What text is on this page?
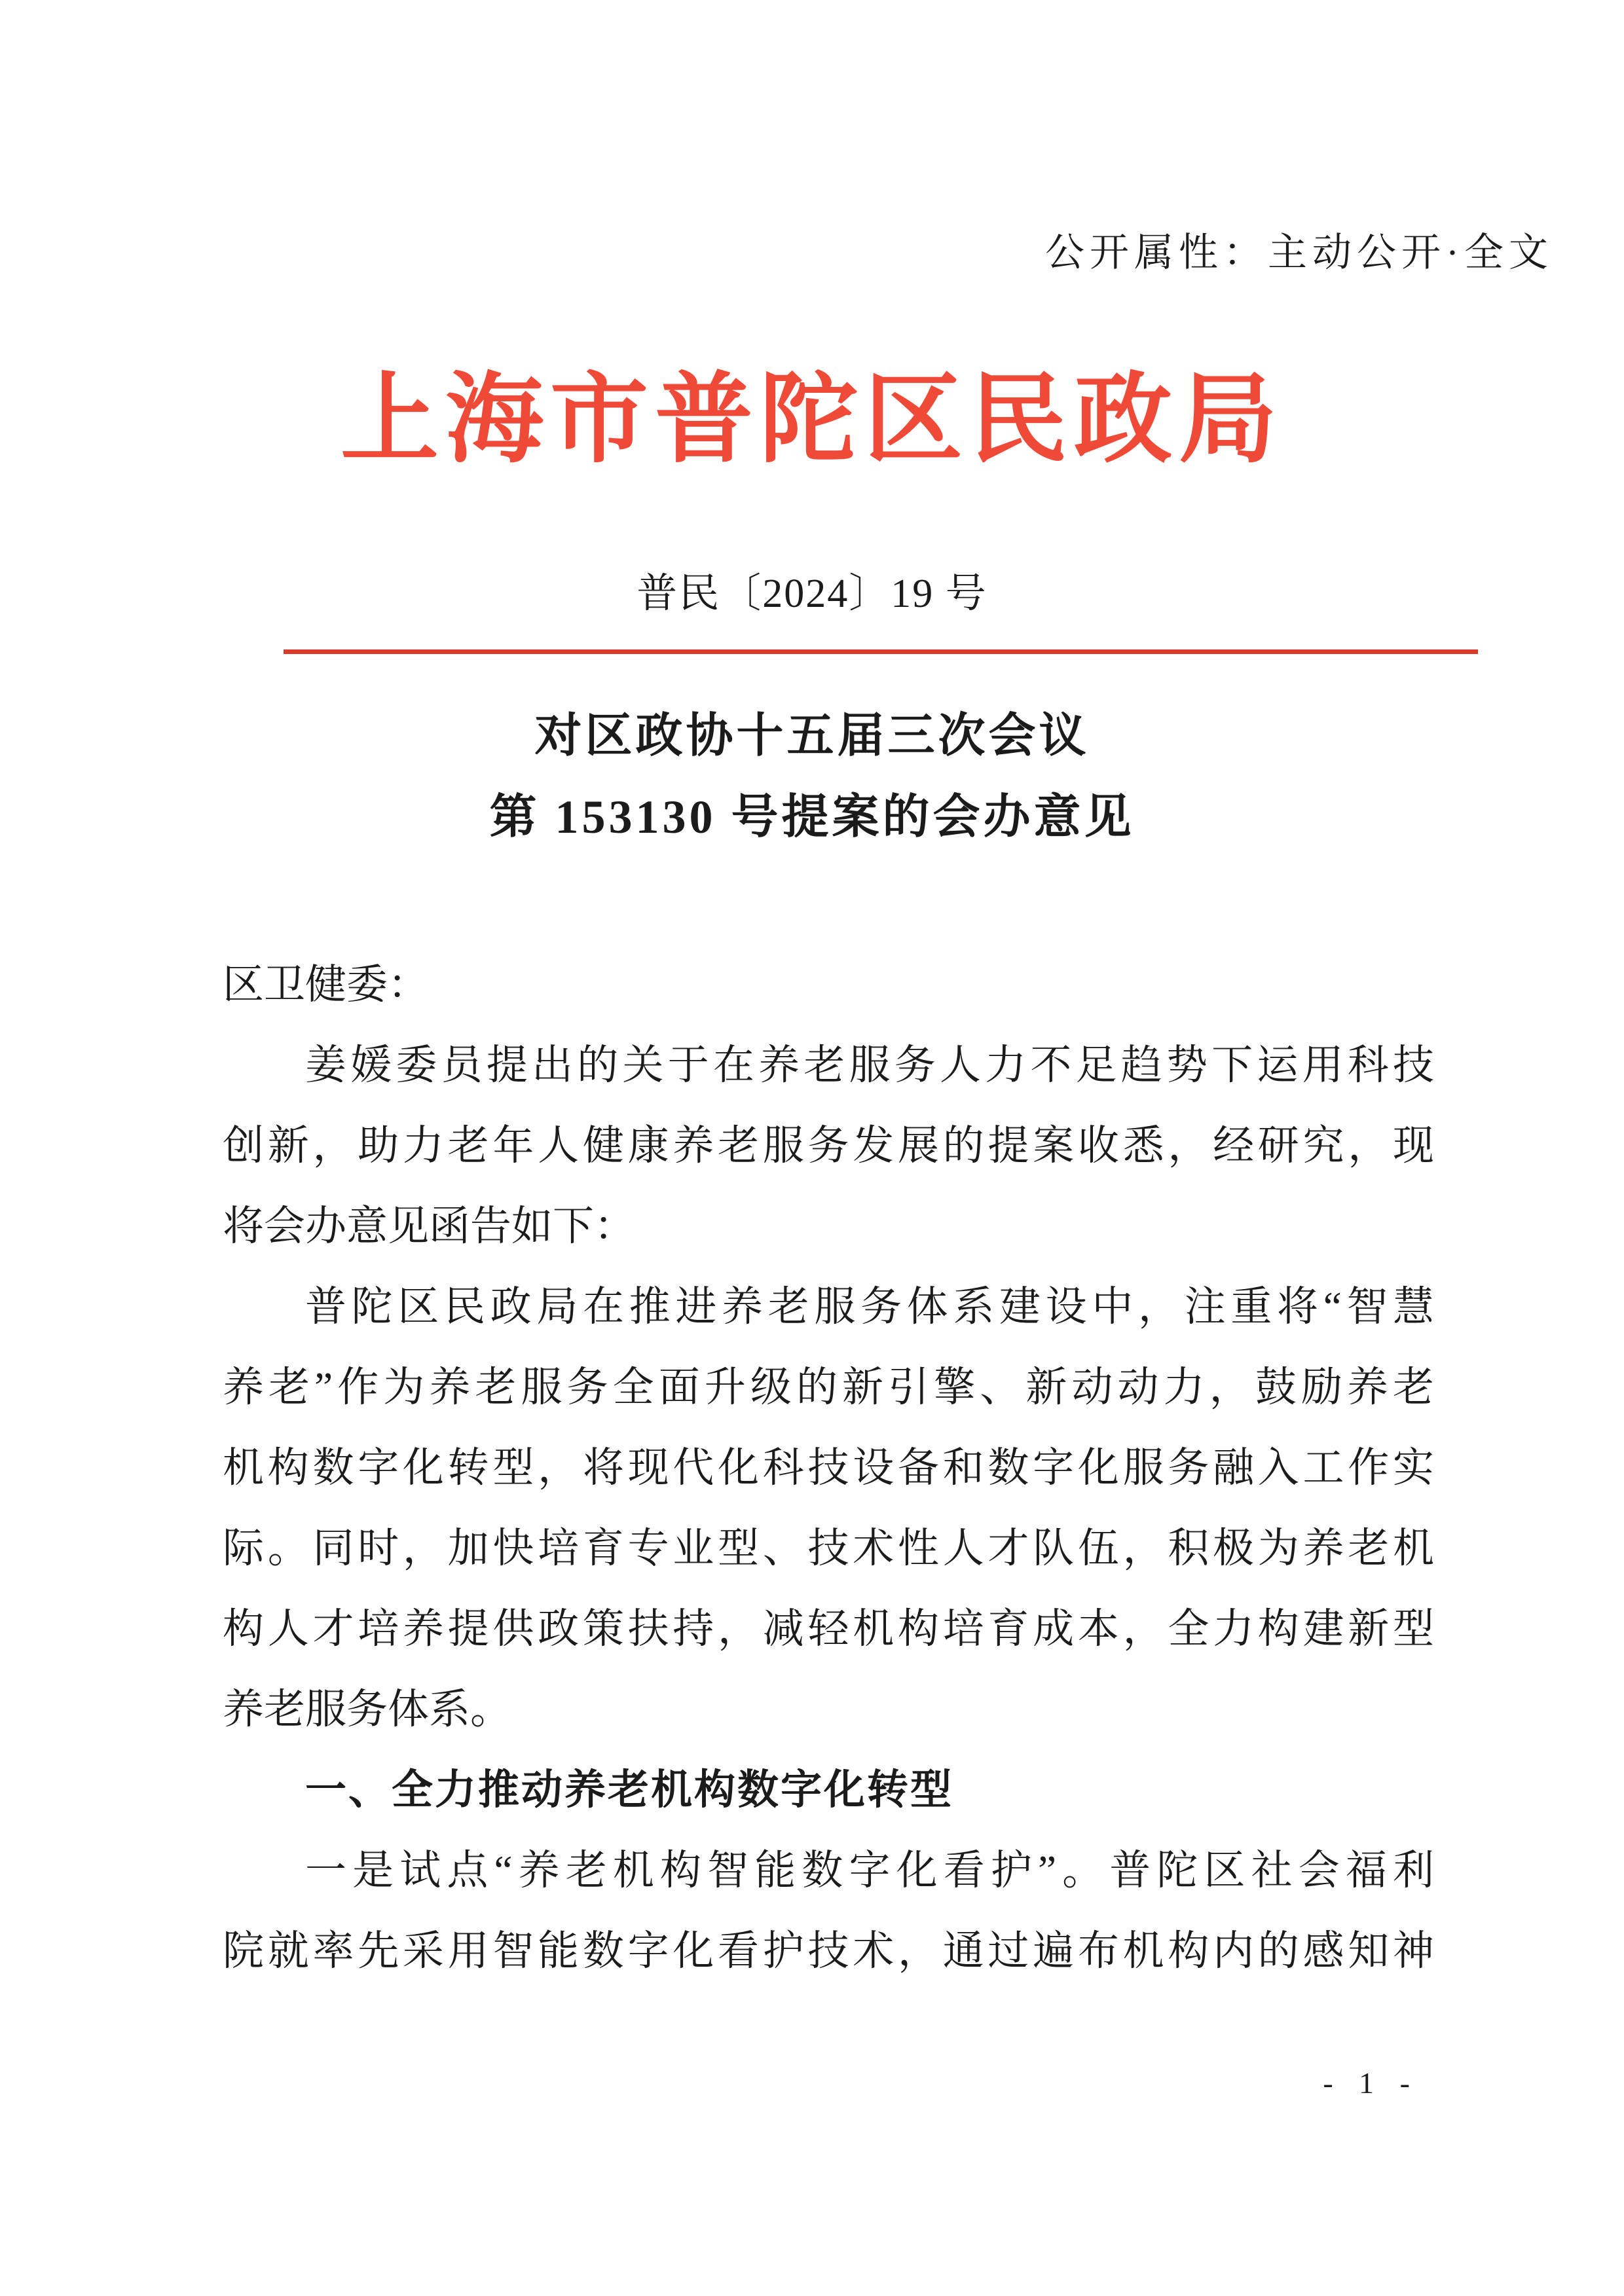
公开属性：主动公开·全文
上海市普陀区民政局
普民〔2024〕19 号
对区政协十五届三次会议
第 153130 号提案的会办意见
区卫健委：
姜媛委员提出的关于在养老服务人力不足趋势下运用科技
创新，助力老年人健康养老服务发展的提案收悉，经研究，现
将会办意见函告如下：
普陀区民政局在推进养老服务体系建设中，注重将“智慧
养老”作为养老服务全面升级的新引擎、新动动力，鼓励养老
机构数字化转型，将现代化科技设备和数字化服务融入工作实
际。同时，加快培育专业型、技术性人才队伍，积极为养老机
构人才培养提供政策扶持，减轻机构培育成本，全力构建新型
养老服务体系。
一、全力推动养老机构数字化转型
一是试点“养老机构智能数字化看护”。普陀区社会福利
院就率先采用智能数字化看护技术，通过遍布机构内的感知神
- 1 -
